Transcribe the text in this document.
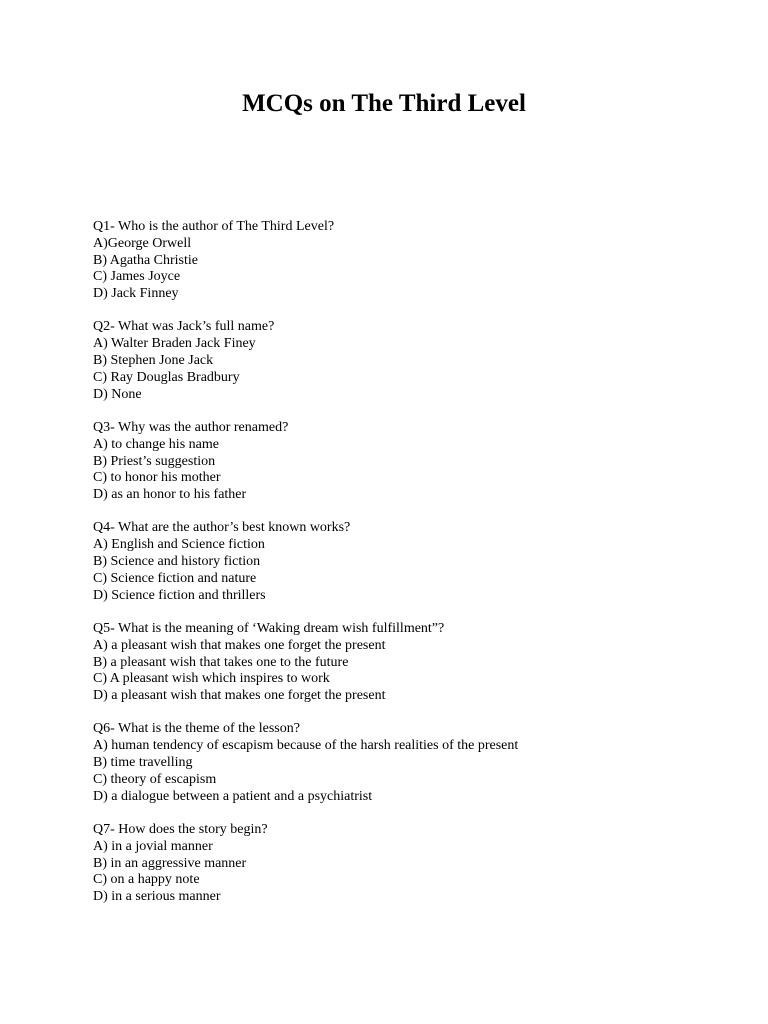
MCQs on The Third Level

Q1- Who is the author of The Third Level?

A)George Orwell

B) Agatha Christie

C) James Joyce

D) Jack Finney

Q2- What was Jack’s full name?

A) Walter Braden Jack Finey

B) Stephen Jone Jack

C) Ray Douglas Bradbury

D) None

Q3- Why was the author renamed?

A) to change his name

B) Priest’s suggestion

C) to honor his mother

D) as an honor to his father

Q4- What are the author’s best known works?

A) English and Science fiction

B) Science and history fiction

C) Science fiction and nature

D) Science fiction and thrillers

Q5- What is the meaning of ‘Waking dream wish fulfillment”?

A) a pleasant wish that makes one forget the present

B) a pleasant wish that takes one to the future

C) A pleasant wish which inspires to work

D) a pleasant wish that makes one forget the present

Q6- What is the theme of the lesson?

A) human tendency of escapism because of the harsh realities of the present

B) time travelling

C) theory of escapism

D) a dialogue between a patient and a psychiatrist

Q7- How does the story begin?

A) in a jovial manner

B) in an aggressive manner

C) on a happy note

D) in a serious manner
